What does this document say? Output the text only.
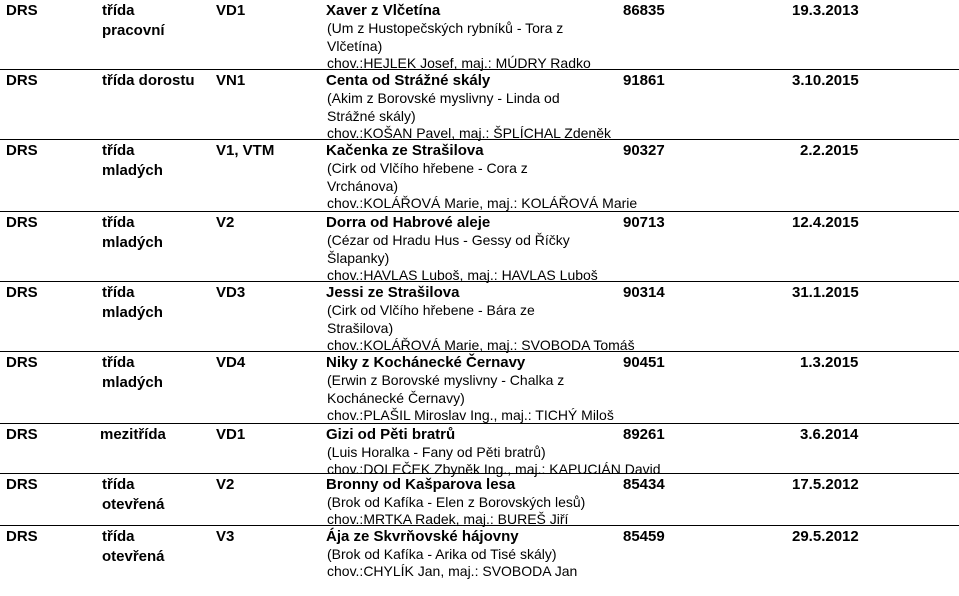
DRS	třída
pracovní
VD1	Xaver z Vlčetína	86835	19.3.2013
(Um z Hustopečských rybníků - Tora z
Vlčetína)
chov.:HEJLEK Josef, maj.: MÚDRY Radko
DRS	třída dorostu VN1	Centa od Strážné skály	91861	3.10.2015
(Akim z Borovské myslivny - Linda od
Strážné skály)
chov.:KOŠAN Pavel, maj.: ŠPLÍCHAL Zdeněk
DRS	třída
mladých
V1, VTM	Kačenka ze Strašilova	90327	2.2.2015
(Cirk od Vlčího hřebene - Cora z
Vrchánova)
chov.:KOLÁŘOVÁ Marie, maj.: KOLÁŘOVÁ Marie
DRS	třída
mladých
V2	Dorra od Habrové aleje	90713	12.4.2015
(Cézar od Hradu Hus - Gessy od Říčky
Šlapanky)
chov.:HAVLAS Luboš, maj.: HAVLAS Luboš
DRS	třída
mladých
VD3	Jessi ze Strašilova	90314	31.1.2015
(Cirk od Vlčího hřebene - Bára ze
Strašilova)
chov.:KOLÁŘOVÁ Marie, maj.: SVOBODA Tomáš
DRS	třída
mladých
VD4	Niky z Kochánecké Černavy	90451	1.3.2015
(Erwin z Borovské myslivny - Chalka z
Kochánecké Černavy)
chov.:PLAŠIL Miroslav Ing., maj.: TICHÝ Miloš
DRS	mezitřída	VD1	Gizi od Pěti bratrů	89261	3.6.2014
(Luis Horalka - Fany od Pěti bratrů)
chov.:DOLEČEK Zbyněk Ing., maj.: KAPUCIÁN David
DRS	třída
otevřená
V2	Bronny od Kašparova lesa	85434	17.5.2012
(Brok od Kafíka - Elen z Borovských lesů)
chov.:MRTKA Radek, maj.: BUREŠ Jiří
DRS	třída
otevřená
V3	Ája ze Skvrňovské hájovny	85459	29.5.2012
(Brok od Kafíka - Arika od Tisé skály)
chov.:CHYLÍK Jan, maj.: SVOBODA Jan
